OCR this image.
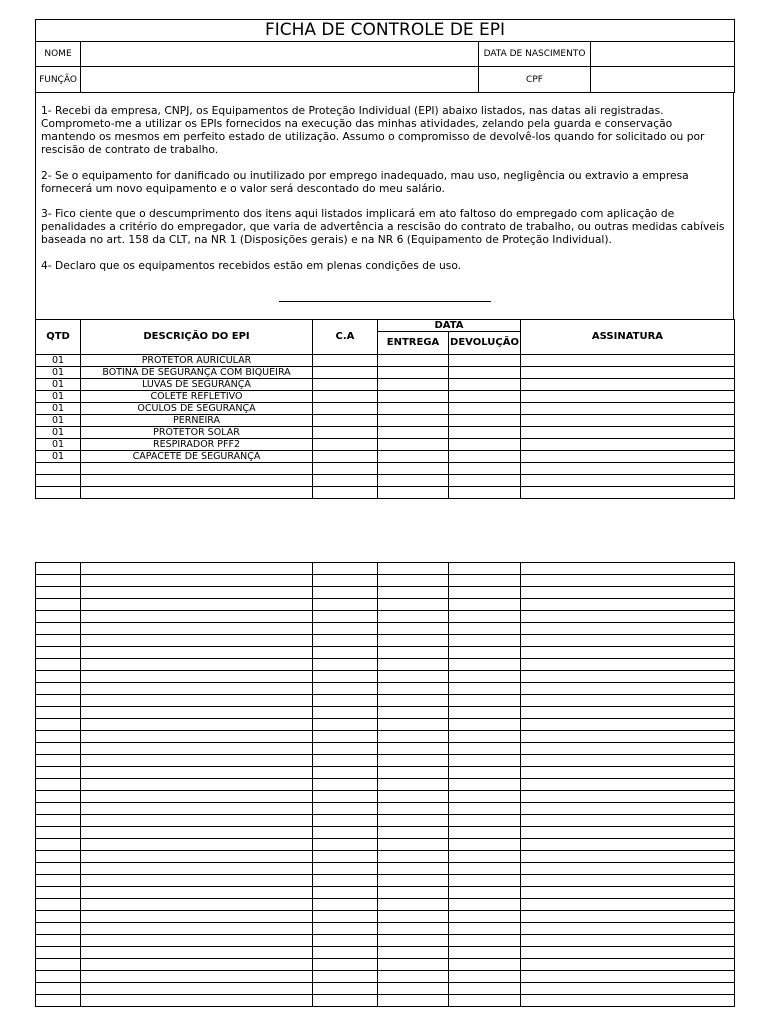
FICHA DE CONTROLE DE EPI			
NOME		DATA DE NASCIMENTO	
FUNÇÃO		CPF	

1- Recebi da empresa, CNPJ, os Equipamentos de Proteção Individual (EPI) abaixo listados, nas datas ali registradas. Comprometo-me a utilizar os EPIs fornecidos na execução das minhas atividades, zelando pela guarda e conservação mantendo os mesmos em perfeito estado de utilização. Assumo o compromisso de devolvê-los quando for solicitado ou por rescisão de contrato de trabalho.

2- Se o equipamento for danificado ou inutilizado por emprego inadequado, mau uso, negligência ou extravio a empresa fornecerá um novo equipamento e o valor será descontado do meu salário.

3- Fico ciente que o descumprimento dos itens aqui listados implicará em ato faltoso do empregado com aplicação de penalidades a critério do empregador, que varia de advertência a rescisão do contrato de trabalho, ou outras medidas cabíveis baseada no art. 158 da CLT, na NR 1 (Disposições gerais) e na NR 6 (Equipamento de Proteção Individual).

4- Declaro que os equipamentos recebidos estão em plenas condições de uso.

QTD	DESCRIÇÃO DO EPI	C.A	DATA		ASSINATURA
			ENTREGA	DEVOLUÇÃO	
01	PROTETOR AURICULAR				
01	BOTINA DE SEGURANÇA COM BIQUEIRA				
01	LUVAS DE SEGURANÇA				
01	COLETE REFLETIVO				
01	OCULOS DE SEGURANÇA				
01	PERNEIRA				
01	PROTETOR SOLAR				
01	RESPIRADOR PFF2				
01	CAPACETE DE SEGURANÇA				
